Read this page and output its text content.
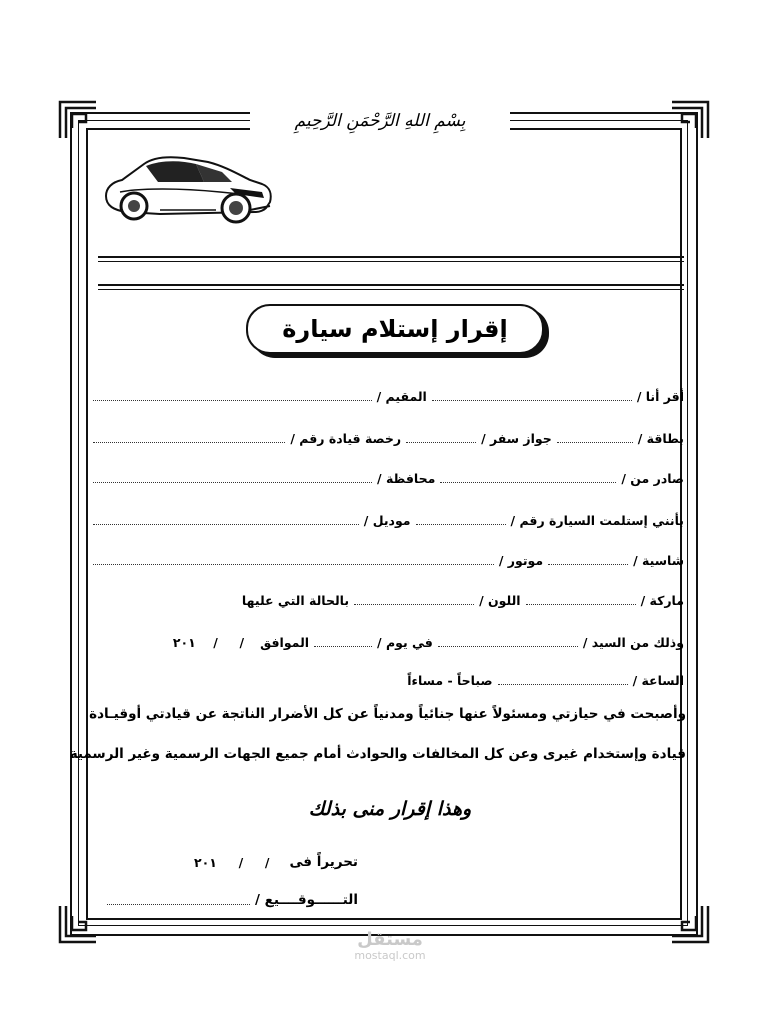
بِسْمِ اللهِ الرَّحْمَنِ الرَّحِيمِ
إقرار إستلام سيارة
أقر أنا /
المقيم /
بطاقة /
جواز سفر /
رخصة قيادة رقم /
صادر من /
محافظة /
بأنني إستلمت السيارة رقم /
موديل /
شاسية /
موتور /
ماركة /
اللون /
بالحالة التي عليها
وذلك من السيد /
في يوم /
الموافق
/     /    ٢٠١
الساعة /
صباحاً - مساءاً
وأصبحت في حيازتي ومسئولاً عنها جنائياً ومدنياً عن كل الأضرار الناتجة عن قيادتي أوقيـادة
قيادة وإستخدام غيرى وعن كل المخالفات والحوادث أمام جميع الجهات الرسمية وغير الرسمية
وهذا إقرار منى بذلك
تحريراً فى
/     /     ٢٠١
التــــــوقــــيع /
مستقل
mostaql.com
